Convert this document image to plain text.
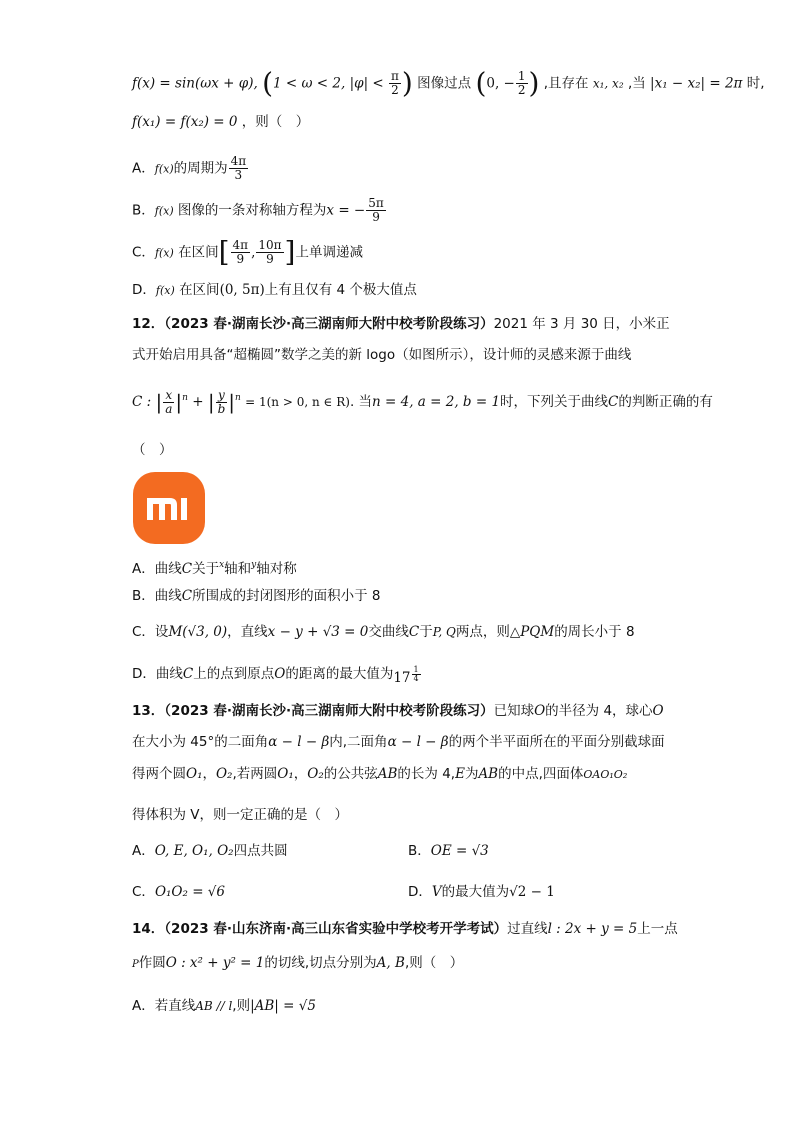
f(x) = sin(ωx + φ), (1 < ω < 2, $|\varphi| < \frac{\pi}{2}$ ) 图像过点 (0, − $\frac{1}{2}$ ) ,且存在 x₁, x₂ ,当 |x₁ − x₂| = 2π 时,
f(x₁) = f(x₂) = 0 ，则（　）
A．f(x)的周期为 $\frac{4\pi}{3}$
B．f(x) 图像的一条对称轴方程为x = − $\frac{5\pi}{9}$
C．f(x) 在区间[ $\frac{4\pi}{9}$ , $\frac{10\pi}{9}$ ]上单调递减
D．f(x) 在区间(0, 5π)上有且仅有 4 个极大值点
12．（2023 春·湖南长沙·高三湖南师大附中校考阶段练习）2021 年 3 月 30 日，小米正
式开始启用具备“超椭圆”数学之美的新 logo（如图所示），设计师的灵感来源于曲线
C : | $\frac{x}{a} |^n$ + | $\frac{y}{b} |^n = 1(n > 0$, n ∈ R). 当n = 4, a = 2, b = 1时，下列关于曲线C的判断正确的有
（　）
A．曲线C关于$^x$轴和$^y$轴对称
B．曲线C所围成的封闭图形的面积小于 8
C．设M(√3, 0)，直线x − y + √3 = 0交曲线C于P, Q两点，则△PQM的周长小于 8
D．曲线C上的点到原点O的距离的最大值为$17 \frac{1}{4}$
13．（2023 春·湖南长沙·高三湖南师大附中校考阶段练习）已知球O的半径为 4，球心O
在大小为 45°的二面角α − l − β内,二面角α − l − β的两个半平面所在的平面分别截球面
得两个圆O₁，O₂,若两圆O₁，O₂的公共弦AB的长为 4,E为AB的中点,四面体OAO₁O₂
得体积为 V，则一定正确的是（　）
A．O, E, O₁, O₂四点共圆	B．OE = √3
C．O₁O₂ = √6	D．V的最大值为√2 − 1
14．（2023 春·山东济南·高三山东省实验中学校考开学考试）过直线l : 2x + y = 5上一点
P作圆O : x² + y² = 1的切线,切点分别为A, B,则（　）
A．若直线AB // l,则|AB| = √5
